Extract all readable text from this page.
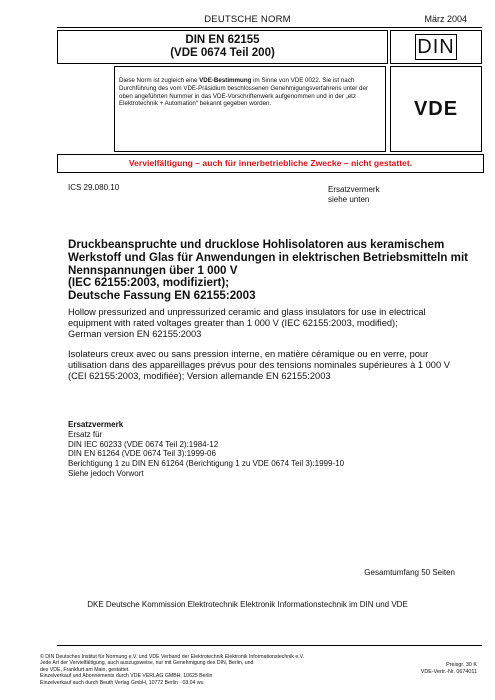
DEUTSCHE NORM	März 2004
DIN EN 62155
(VDE 0674 Teil 200)	DIN
Diese Norm ist zugleich eine VDE-Bestimmung im Sinne von VDE 0022. Sie ist nach Durchführung des vom VDE-Präsidium beschlossenen Genehmigungsverfahrens unter der oben angeführten Nummer in das VDE-Vorschriftenwerk aufgenommen und in der „etz Elektrotechnik + Automation“ bekannt gegeben worden.	VDE
Vervielfältigung – auch für innerbetriebliche Zwecke – nicht gestattet.
ICS 29.080.10	Ersatzvermerk
siehe unten
Druckbeanspruchte und drucklose Hohlisolatoren aus keramischem
Werkstoff und Glas für Anwendungen in elektrischen Betriebsmitteln mit
Nennspannungen über 1 000 V
(IEC 62155:2003, modifiziert);
Deutsche Fassung EN 62155:2003
Hollow pressurized and unpressurized ceramic and glass insulators for use in electrical
equipment with rated voltages greater than 1 000 V (IEC 62155:2003, modified);
German version EN 62155:2003
Isolateurs creux avec ou sans pression interne, en matière céramique ou en verre, pour
utilisation dans des appareillages prévus pour des tensions nominales supérieures à 1 000 V
(CEI 62155:2003, modifiée); Version allemande EN 62155:2003
Ersatzvermerk
Ersatz für
DIN IEC 60233 (VDE 0674 Teil 2):1984-12
DIN EN 61264 (VDE 0674 Teil 3):1999-06
Berichtigung 1 zu DIN EN 61264 (Berichtigung 1 zu VDE 0674 Teil 3):1999-10
Siehe jedoch Vorwort
Gesamtumfang 50 Seiten
DKE Deutsche Kommission Elektrotechnik Elektronik Informationstechnik im DIN und VDE
© DIN Deutsches Institut für Normung e.V. und VDE Verband der Elektrotechnik Elektronik Informationstechnik e.V.
Jede Art der Vervielfältigung, auch auszugsweise, nur mit Genehmigung des DIN, Berlin, und
des VDE, Frankfurt am Main, gestattet.
Einzelverkauf und Abonnements durch VDE VERLAG GMBH, 10625 Berlin
Einzelverkauf auch durch Beuth Verlag GmbH, 10772 Berlin · 03.04 wu
Preisgr. 30 K
VDE-Vertr.-Nr. 0674011
